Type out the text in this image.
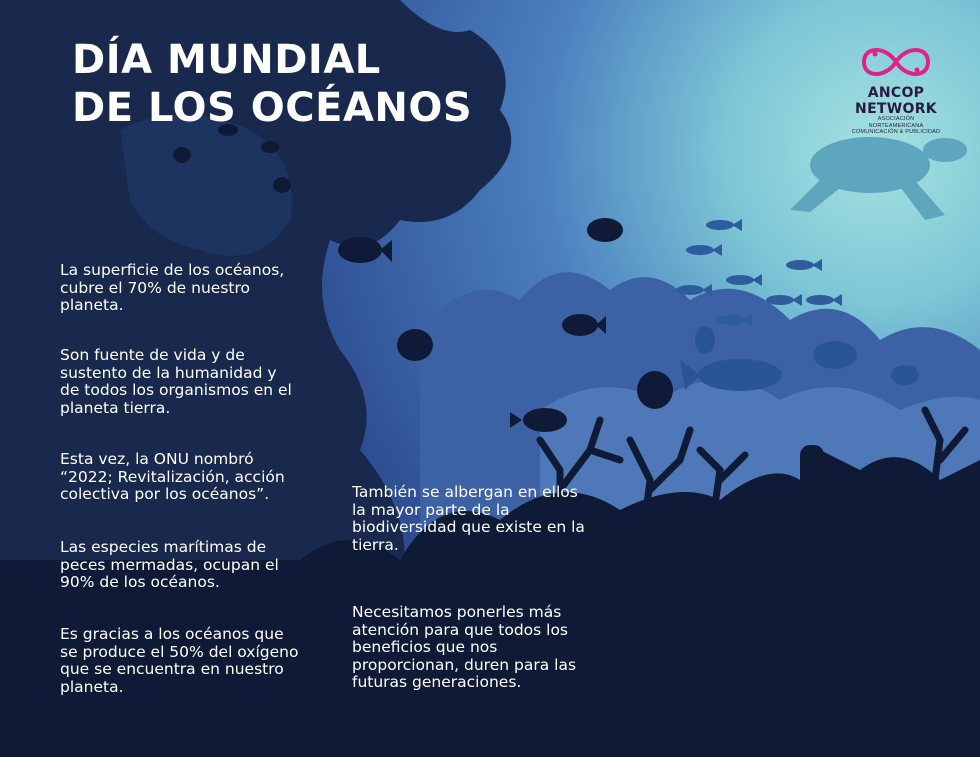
DÍA MUNDIAL
DE LOS OCÉANOS	ANCOP
NETWORK
ASOCIACIÓN NORTEAMERICANA
COMUNICACIÓN & PUBLICIDAD

La superficie de los océanos, cubre el 70% de nuestro planeta.

Son fuente de vida y de sustento de la humanidad y de todos los organismos en el planeta tierra.

Esta vez, la ONU nombró “2022; Revitalización, acción colectiva por los océanos”.

Las especies marítimas de peces mermadas, ocupan el 90% de los océanos.

Es gracias a los océanos que se produce el 50% del oxígeno que se encuentra en nuestro planeta.

También se albergan en ellos la mayor parte de la biodiversidad que existe en la tierra.

Necesitamos ponerles más atención para que todos los beneficios que nos proporcionan, duren para las futuras generaciones.
